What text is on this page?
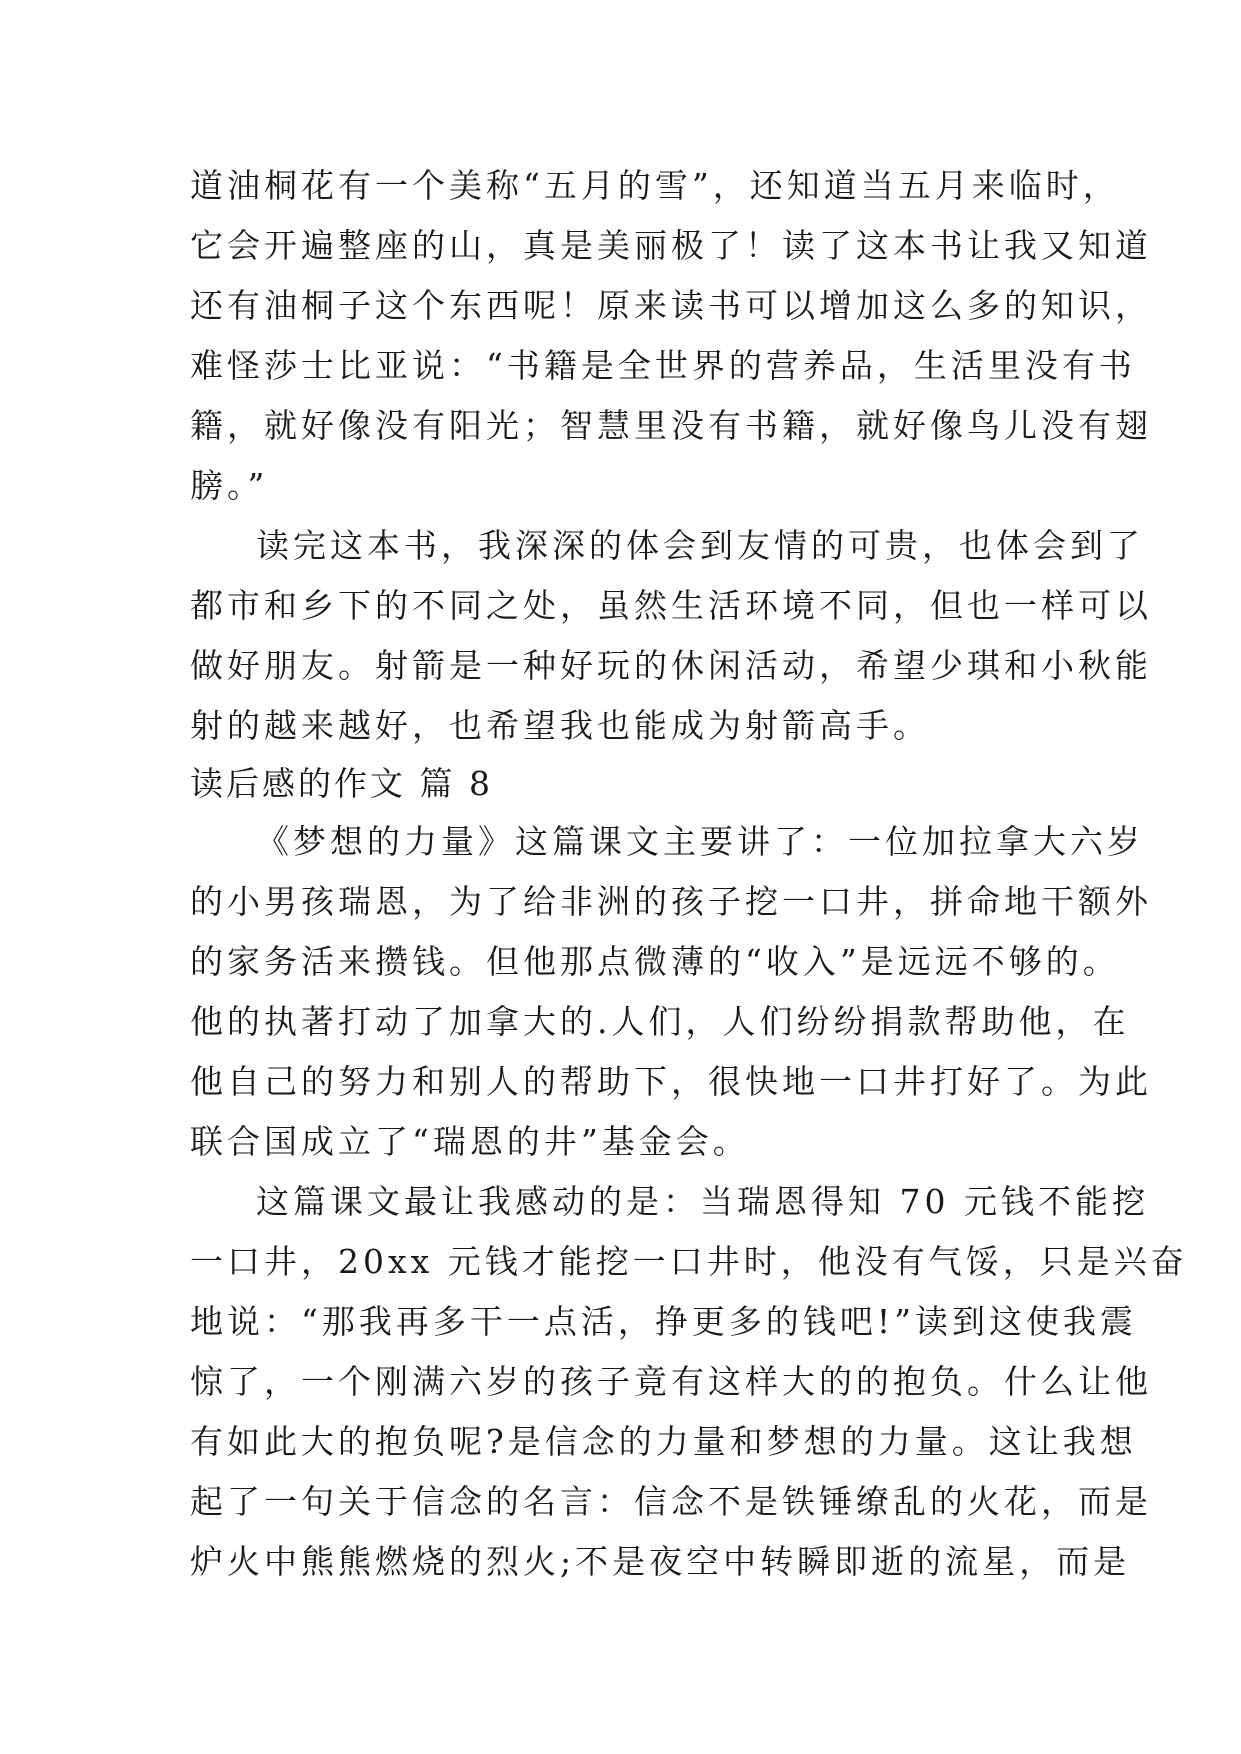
道油桐花有一个美称“五月的雪”，还知道当五月来临时，
它会开遍整座的山，真是美丽极了！读了这本书让我又知道
还有油桐子这个东西呢！原来读书可以增加这么多的知识，
难怪莎士比亚说：“书籍是全世界的营养品，生活里没有书
籍，就好像没有阳光；智慧里没有书籍，就好像鸟儿没有翅
膀。”
读完这本书，我深深的体会到友情的可贵，也体会到了
都市和乡下的不同之处，虽然生活环境不同，但也一样可以
做好朋友。射箭是一种好玩的休闲活动，希望少琪和小秋能
射的越来越好，也希望我也能成为射箭高手。
读后感的作文 篇 8
《梦想的力量》这篇课文主要讲了：一位加拉拿大六岁
的小男孩瑞恩，为了给非洲的孩子挖一口井，拼命地干额外
的家务活来攒钱。但他那点微薄的“收入”是远远不够的。
他的执著打动了加拿大的.人们，人们纷纷捐款帮助他，在
他自己的努力和别人的帮助下，很快地一口井打好了。为此
联合国成立了“瑞恩的井”基金会。
这篇课文最让我感动的是：当瑞恩得知 70 元钱不能挖
一口井，20xx 元钱才能挖一口井时，他没有气馁，只是兴奋
地说：“那我再多干一点活，挣更多的钱吧!”读到这使我震
惊了，一个刚满六岁的孩子竟有这样大的的抱负。什么让他
有如此大的抱负呢?是信念的力量和梦想的力量。这让我想
起了一句关于信念的名言：信念不是铁锤缭乱的火花，而是
炉火中熊熊燃烧的烈火;不是夜空中转瞬即逝的流星，而是
